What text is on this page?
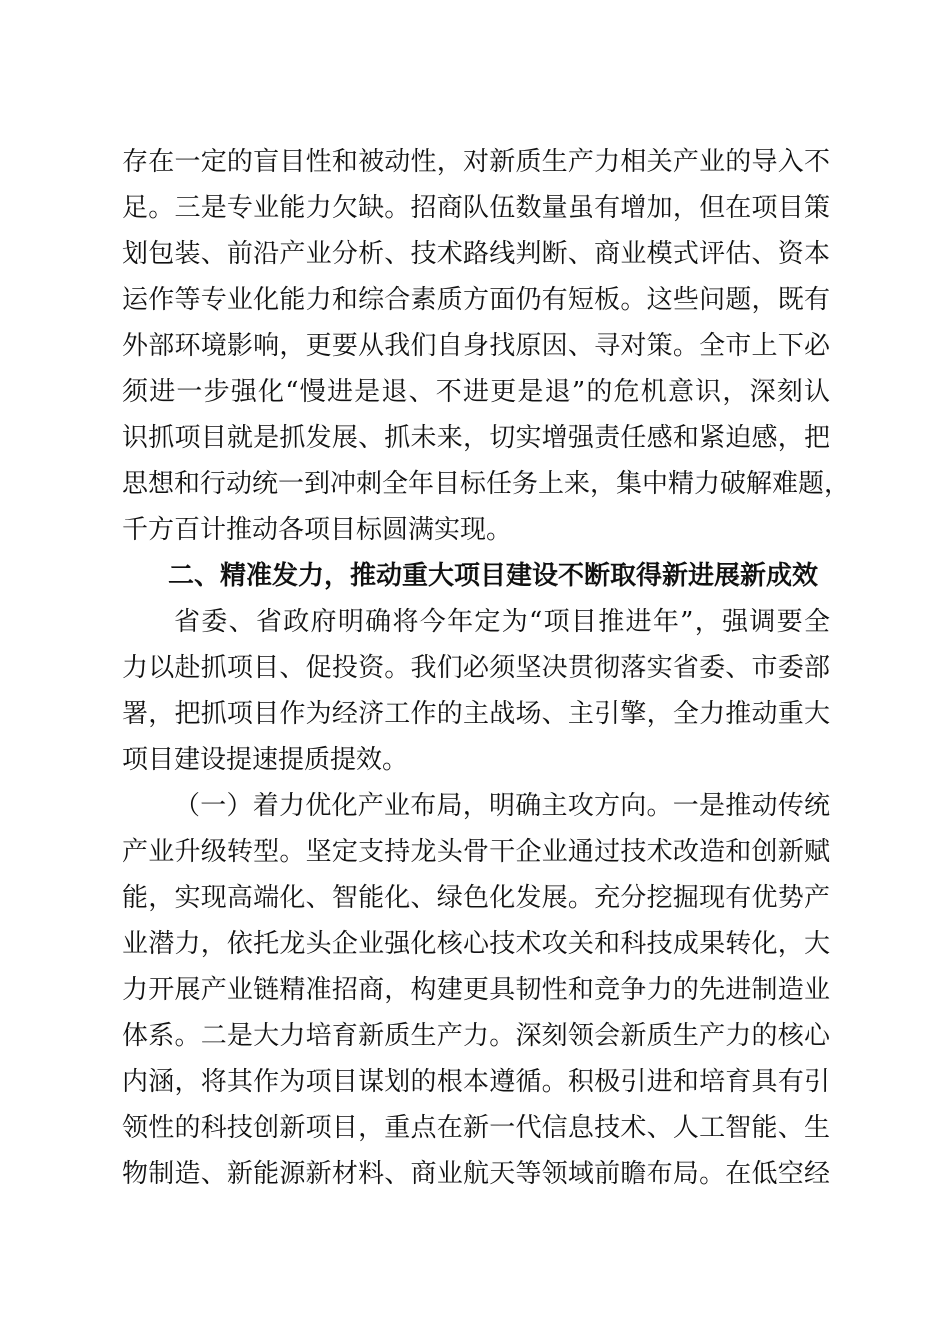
存在一定的盲目性和被动性，对新质生产力相关产业的导入不
足。三是专业能力欠缺。招商队伍数量虽有增加，但在项目策
划包装、前沿产业分析、技术路线判断、商业模式评估、资本
运作等专业化能力和综合素质方面仍有短板。这些问题，既有
外部环境影响，更要从我们自身找原因、寻对策。全市上下必
须进一步强化“慢进是退、不进更是退”的危机意识，深刻认
识抓项目就是抓发展、抓未来，切实增强责任感和紧迫感，把
思想和行动统一到冲刺全年目标任务上来，集中精力破解难题，
千方百计推动各项目标圆满实现。
二、精准发力，推动重大项目建设不断取得新进展新成效
省委、省政府明确将今年定为“项目推进年”，强调要全
力以赴抓项目、促投资。我们必须坚决贯彻落实省委、市委部
署，把抓项目作为经济工作的主战场、主引擎，全力推动重大
项目建设提速提质提效。
（一）着力优化产业布局，明确主攻方向。一是推动传统
产业升级转型。坚定支持龙头骨干企业通过技术改造和创新赋
能，实现高端化、智能化、绿色化发展。充分挖掘现有优势产
业潜力，依托龙头企业强化核心技术攻关和科技成果转化，大
力开展产业链精准招商，构建更具韧性和竞争力的先进制造业
体系。二是大力培育新质生产力。深刻领会新质生产力的核心
内涵，将其作为项目谋划的根本遵循。积极引进和培育具有引
领性的科技创新项目，重点在新一代信息技术、人工智能、生
物制造、新能源新材料、商业航天等领域前瞻布局。在低空经
